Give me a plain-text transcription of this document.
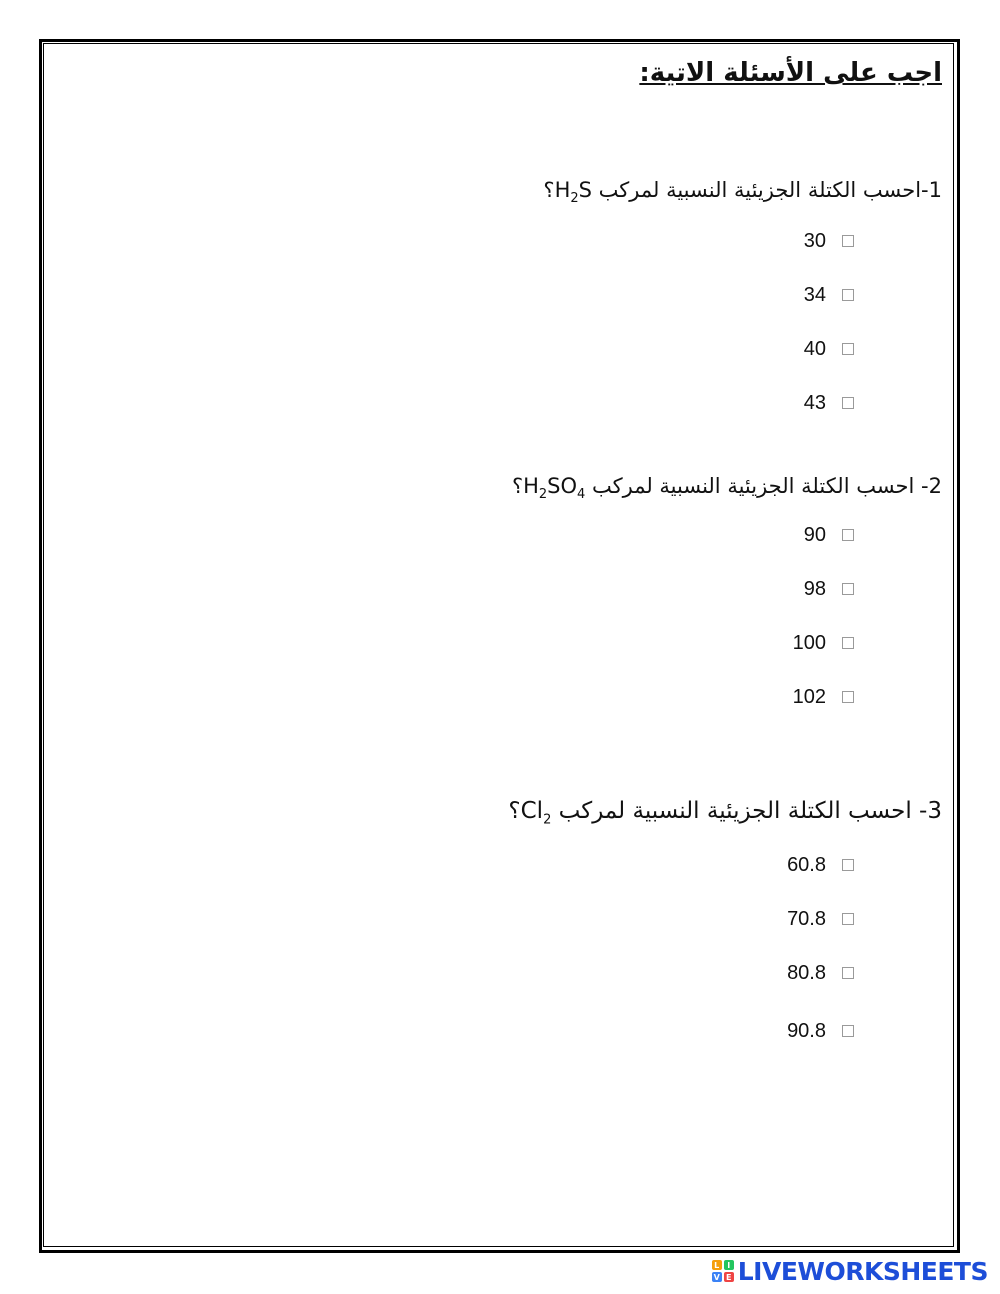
اجب على الأسئلة الاتية:
1-احسب الكتلة الجزيئية النسبية لمركب $H_2S؟$
30
34
40
43
2- احسب الكتلة الجزيئية النسبية لمركب $H_2SO_4؟$
90
98
100
102
3- احسب الكتلة الجزيئية النسبية لمركب $Cl_2؟$
60.8
70.8
80.8
90.8
L I
V E LIVEWORKSHEETS
